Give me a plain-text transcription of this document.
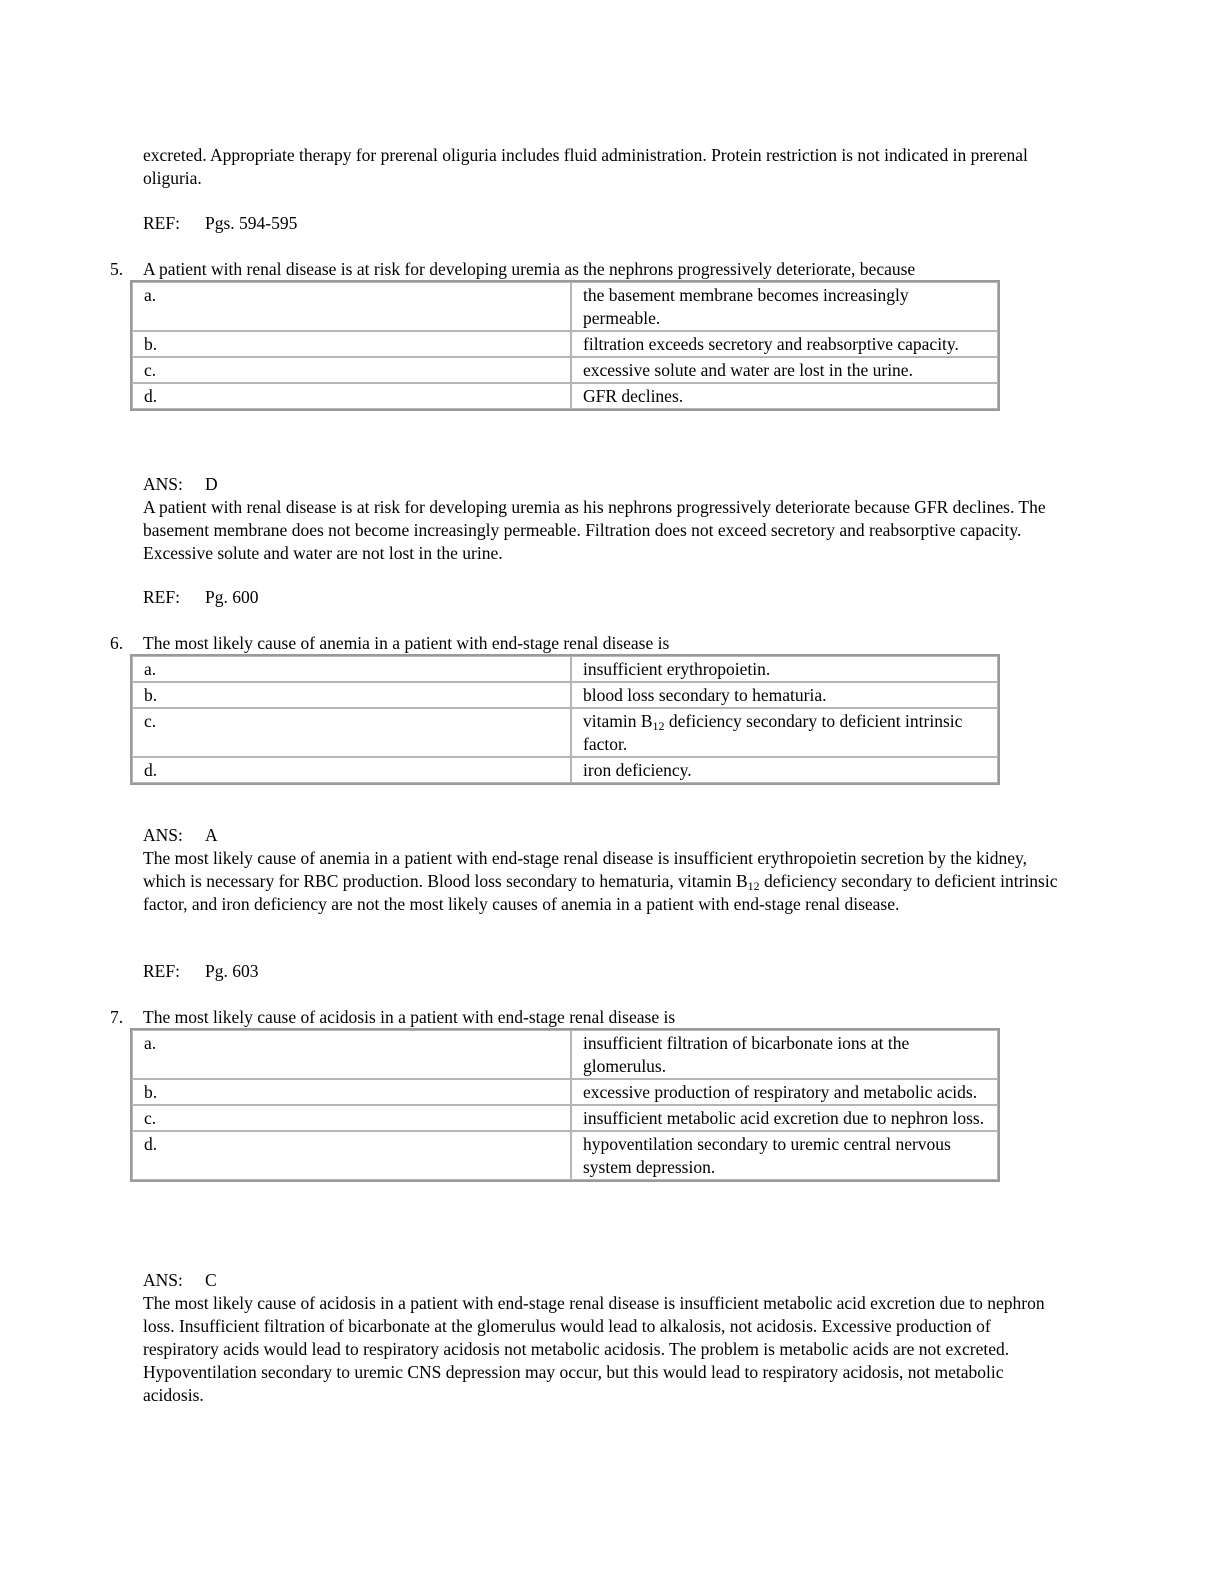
excreted. Appropriate therapy for prerenal oliguria includes fluid administration. Protein restriction is not indicated in prerenal oliguria.

REF: Pgs. 594-595

5. A patient with renal disease is at risk for developing uremia as the nephrons progressively deteriorate, because

a.	the basement membrane becomes increasingly permeable.
b.	filtration exceeds secretory and reabsorptive capacity.
c.	excessive solute and water are lost in the urine.
d.	GFR declines.
ANS: D
A patient with renal disease is at risk for developing uremia as his nephrons progressively deteriorate because GFR declines. The basement membrane does not become increasingly permeable. Filtration does not exceed secretory and reabsorptive capacity. Excessive solute and water are not lost in the urine.

REF: Pg. 600

6. The most likely cause of anemia in a patient with end-stage renal disease is

a.	insufficient erythropoietin.
b.	blood loss secondary to hematuria.
c.	vitamin $B_{12}$ deficiency secondary to deficient intrinsic factor.
d.	iron deficiency.
ANS: A
The most likely cause of anemia in a patient with end-stage renal disease is insufficient erythropoietin secretion by the kidney, which is necessary for RBC production. Blood loss secondary to hematuria, vitamin $B_{12}$ deficiency secondary to deficient intrinsic factor, and iron deficiency are not the most likely causes of anemia in a patient with end-stage renal disease.

REF: Pg. 603

7. The most likely cause of acidosis in a patient with end-stage renal disease is

a.	insufficient filtration of bicarbonate ions at the glomerulus.
b.	excessive production of respiratory and metabolic acids.
c.	insufficient metabolic acid excretion due to nephron loss.
d.	hypoventilation secondary to uremic central nervous system depression.
ANS: C
The most likely cause of acidosis in a patient with end-stage renal disease is insufficient metabolic acid excretion due to nephron loss. Insufficient filtration of bicarbonate at the glomerulus would lead to alkalosis, not acidosis. Excessive production of respiratory acids would lead to respiratory acidosis not metabolic acidosis. The problem is metabolic acids are not excreted. Hypoventilation secondary to uremic CNS depression may occur, but this would lead to respiratory acidosis, not metabolic acidosis.
